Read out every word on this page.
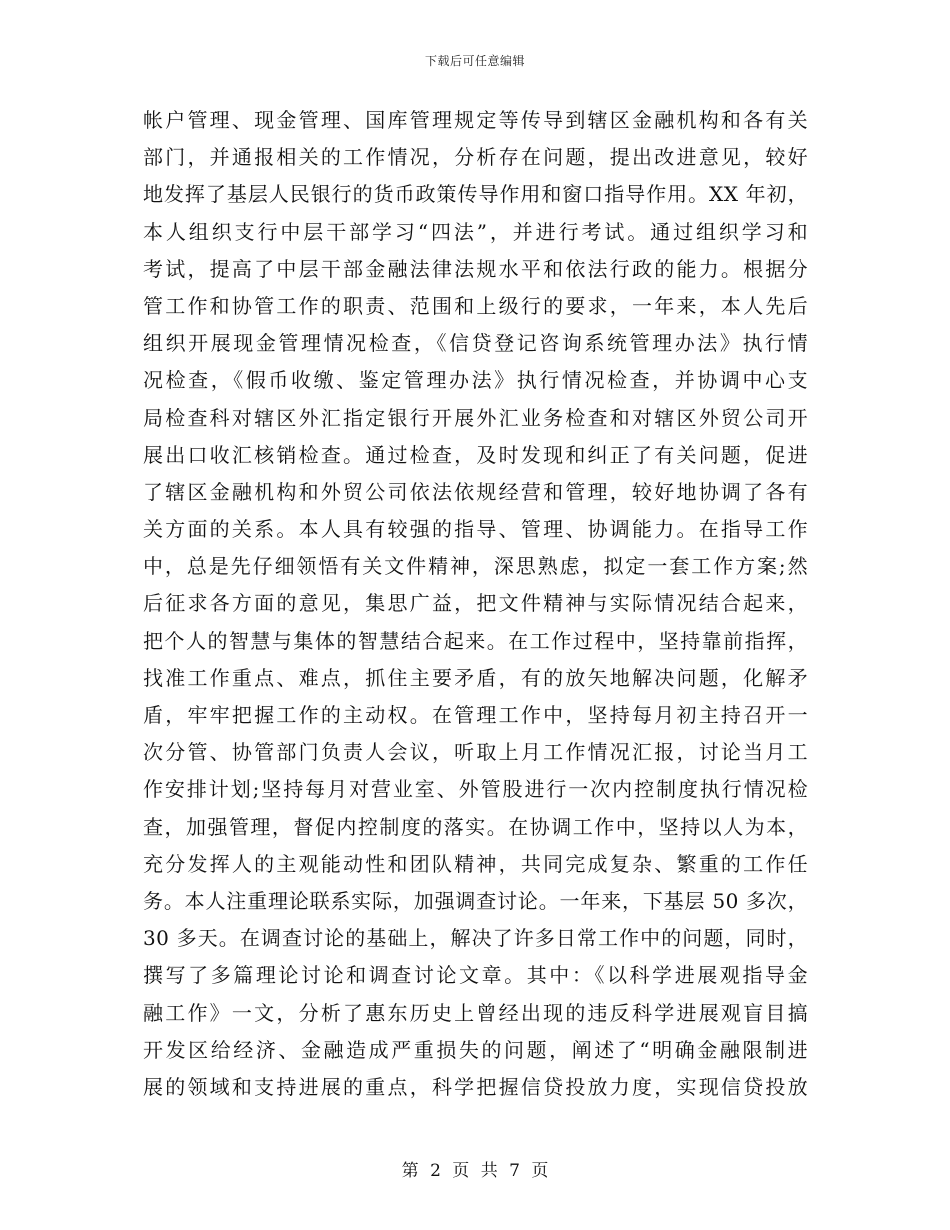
下载后可任意编辑
帐户管理、现金管理、国库管理规定等传导到辖区金融机构和各有关
部门，并通报相关的工作情况，分析存在问题，提出改进意见，较好
地发挥了基层人民银行的货币政策传导作用和窗口指导作用。XX 年初，
本人组织支行中层干部学习“四法”，并进行考试。通过组织学习和
考试，提高了中层干部金融法律法规水平和依法行政的能力。根据分
管工作和协管工作的职责、范围和上级行的要求，一年来，本人先后
组织开展现金管理情况检查，《信贷登记咨询系统管理办法》执行情
况检查，《假币收缴、鉴定管理办法》执行情况检查，并协调中心支
局检查科对辖区外汇指定银行开展外汇业务检查和对辖区外贸公司开
展出口收汇核销检查。通过检查，及时发现和纠正了有关问题，促进
了辖区金融机构和外贸公司依法依规经营和管理，较好地协调了各有
关方面的关系。本人具有较强的指导、管理、协调能力。在指导工作
中，总是先仔细领悟有关文件精神，深思熟虑，拟定一套工作方案;然
后征求各方面的意见，集思广益，把文件精神与实际情况结合起来，
把个人的智慧与集体的智慧结合起来。在工作过程中，坚持靠前指挥，
找准工作重点、难点，抓住主要矛盾，有的放矢地解决问题，化解矛
盾，牢牢把握工作的主动权。在管理工作中，坚持每月初主持召开一
次分管、协管部门负责人会议，听取上月工作情况汇报，讨论当月工
作安排计划;坚持每月对营业室、外管股进行一次内控制度执行情况检
查，加强管理，督促内控制度的落实。在协调工作中，坚持以人为本，
充分发挥人的主观能动性和团队精神，共同完成复杂、繁重的工作任
务。本人注重理论联系实际，加强调查讨论。一年来，下基层 50 多次，
30 多天。在调查讨论的基础上，解决了许多日常工作中的问题，同时，
撰写了多篇理论讨论和调查讨论文章。其中：《以科学进展观指导金
融工作》一文，分析了惠东历史上曾经出现的违反科学进展观盲目搞
开发区给经济、金融造成严重损失的问题，阐述了“明确金融限制进
展的领域和支持进展的重点，科学把握信贷投放力度，实现信贷投放
第 2 页 共 7 页
